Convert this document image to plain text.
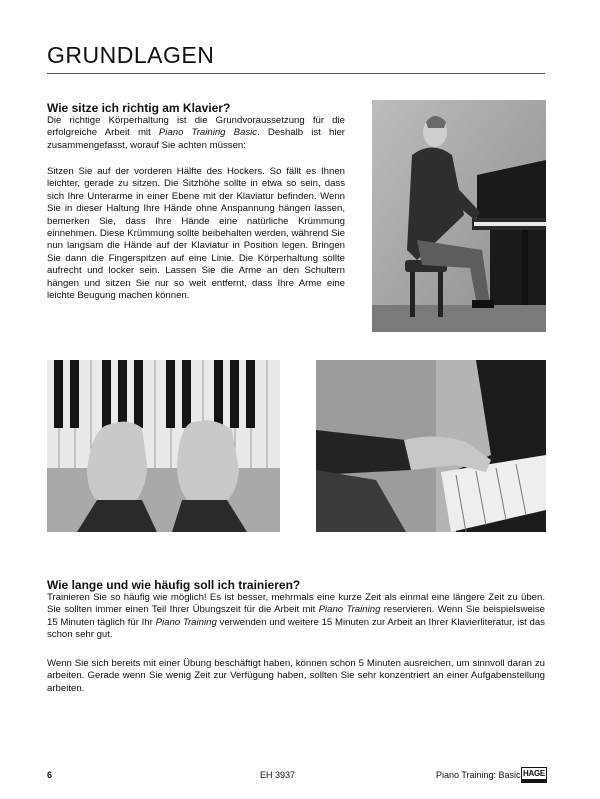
GRUNDLAGEN
Wie sitze ich richtig am Klavier?

Die richtige Körperhaltung ist die Grundvoraussetzung für die erfolgreiche Arbeit mit Piano Training Basic. Deshalb ist hier zusammengefasst, worauf Sie achten müssen:

Sitzen Sie auf der vorderen Hälfte des Hockers. So fällt es Ihnen leichter, gerade zu sitzen. Die Sitzhöhe sollte in etwa so sein, dass sich Ihre Unterarme in einer Ebene mit der Klaviatur befinden. Wenn Sie in dieser Haltung Ihre Hände ohne Anspannung hängen lassen, bemerken Sie, dass Ihre Hände eine natürliche Krümmung einnehmen. Diese Krümmung sollte beibehalten werden, während Sie nun langsam die Hände auf der Klaviatur in Position legen. Bringen Sie dann die Fingerspitzen auf eine Linie. Die Körperhaltung sollte aufrecht und locker sein. Lassen Sie die Arme an den Schultern hängen und sitzen Sie nur so weit entfernt, dass Ihre Arme eine leichte Beugung machen können.

Wie lange und wie häufig soll ich trainieren?

Trainieren Sie so häufig wie möglich! Es ist besser, mehrmals eine kurze Zeit als einmal eine längere Zeit zu üben. Sie sollten immer einen Teil Ihrer Übungszeit für die Arbeit mit Piano Training reservieren. Wenn Sie beispielsweise 15 Minuten täglich für Ihr Piano Training verwenden und weitere 15 Minuten zur Arbeit an Ihrer Klavierliteratur, ist das schon sehr gut.

Wenn Sie sich bereits mit einer Übung beschäftigt haben, können schon 5 Minuten ausreichen, um sinnvoll daran zu arbeiten. Gerade wenn Sie wenig Zeit zur Verfügung haben, sollten Sie sehr konzentriert an einer Aufgabenstellung arbeiten.

6	EH 3937	Piano Training: Basic HAGE
